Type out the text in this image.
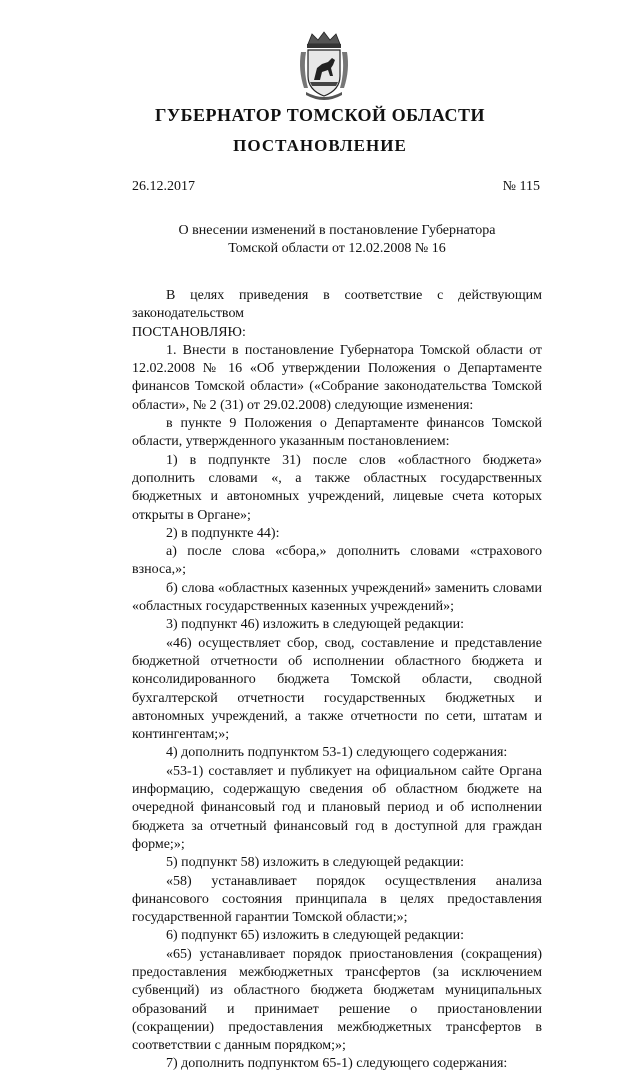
ГУБЕРНАТОР ТОМСКОЙ ОБЛАСТИ
ПОСТАНОВЛЕНИЕ
26.12.2017	№ 115
О внесении изменений в постановление Губернатора
Томской области от 12.02.2008 № 16

В целях приведения в соответствие с действующим законодательством

ПОСТАНОВЛЯЮ:

1. Внести в постановление Губернатора Томской области от 12.02.2008 № 16 «Об утверждении Положения о Департаменте финансов Томской области» («Собрание законодательства Томской области», № 2 (31) от 29.02.2008) следующие изменения:

в пункте 9 Положения о Департаменте финансов Томской области, утвержденного указанным постановлением:

1) в подпункте 31) после слов «областного бюджета» дополнить словами «, а также областных государственных бюджетных и автономных учреждений, лицевые счета которых открыты в Органе»;

2) в подпункте 44):

а) после слова «сбора,» дополнить словами «страхового взноса,»;

б) слова «областных казенных учреждений» заменить словами «областных государственных казенных учреждений»;

3) подпункт 46) изложить в следующей редакции:

«46) осуществляет сбор, свод, составление и представление бюджетной отчетности об исполнении областного бюджета и консолидированного бюджета Томской области, сводной бухгалтерской отчетности государственных бюджетных и автономных учреждений, а также отчетности по сети, штатам и контингентам;»;

4) дополнить подпунктом 53-1) следующего содержания:

«53-1) составляет и публикует на официальном сайте Органа информацию, содержащую сведения об областном бюджете на очередной финансовый год и плановый период и об исполнении бюджета за отчетный финансовый год в доступной для граждан форме;»;

5) подпункт 58) изложить в следующей редакции:

«58) устанавливает порядок осуществления анализа финансового состояния принципала в целях предоставления государственной гарантии Томской области;»;

6) подпункт 65) изложить в следующей редакции:

«65) устанавливает порядок приостановления (сокращения) предоставления межбюджетных трансфертов (за исключением субвенций) из областного бюджета бюджетам муниципальных образований и принимает решение о приостановлении (сокращении) предоставления межбюджетных трансфертов в соответствии с данным порядком;»;

7) дополнить подпунктом 65-1) следующего содержания:
